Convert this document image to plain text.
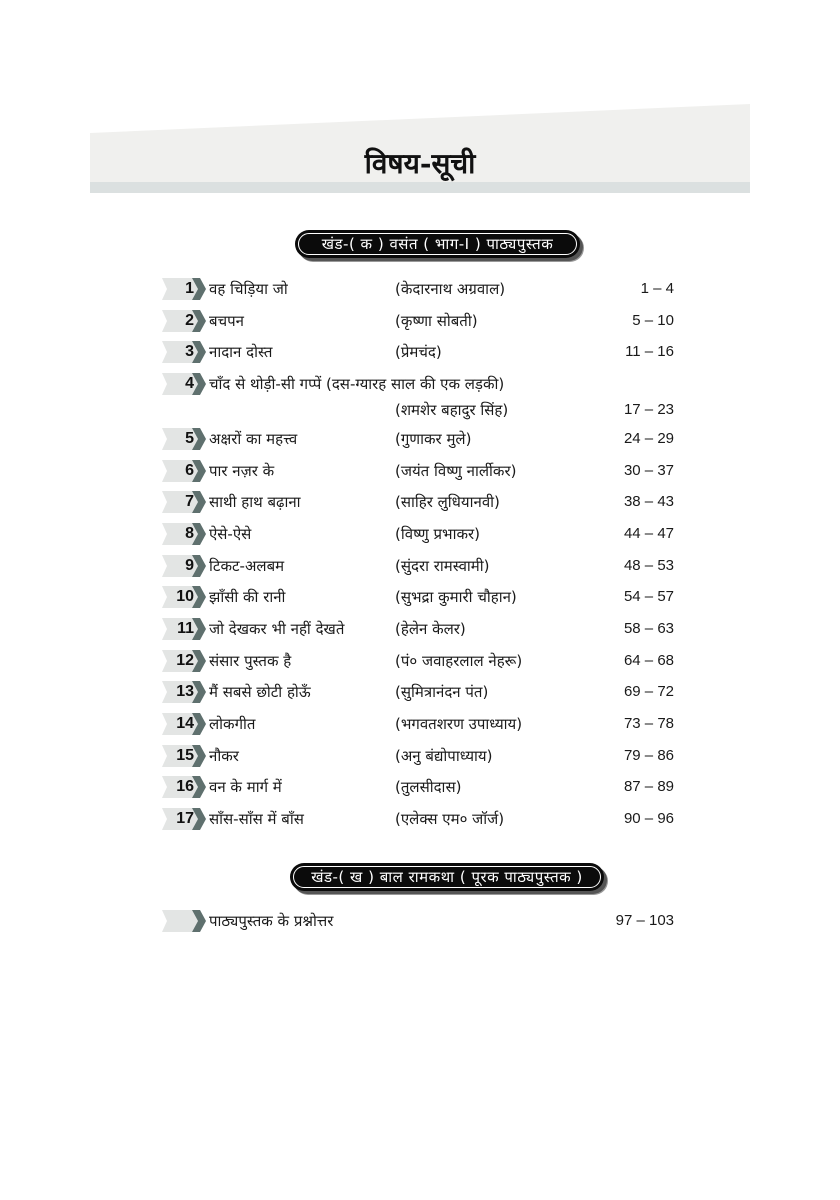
विषय-सूची
खंड-( क ) वसंत ( भाग-I ) पाठ्यपुस्तक
खंड-( ख ) बाल रामकथा ( पूरक पाठ्यपुस्तक )
1 वह चिड़िया जो	(केदारनाथ अग्रवाल)	1 – 4
2 बचपन	(कृष्णा सोबती)	5 – 10
3 नादान दोस्त	(प्रेमचंद)	11 – 16
4 चाँद से थोड़ी-सी गप्पें (दस-ग्यारह साल की एक लड़की)
(शमशेर बहादुर सिंह)	17 – 23
5 अक्षरों का महत्त्व	(गुणाकर मुले)	24 – 29
6 पार नज़र के	(जयंत विष्णु नार्लीकर)	30 – 37
7 साथी हाथ बढ़ाना	(साहिर लुधियानवी)	38 – 43
8 ऐसे-ऐसे	(विष्णु प्रभाकर)	44 – 47
9 टिकट-अलबम	(सुंदरा रामस्वामी)	48 – 53
10 झाँसी की रानी	(सुभद्रा कुमारी चौहान)	54 – 57
11 जो देखकर भी नहीं देखते	(हेलेन केलर)	58 – 63
12 संसार पुस्तक है	(पं० जवाहरलाल नेहरू)	64 – 68
13 मैं सबसे छोटी होऊँ	(सुमित्रानंदन पंत)	69 – 72
14 लोकगीत	(भगवतशरण उपाध्याय)	73 – 78
15 नौकर	(अनु बंद्योपाध्याय)	79 – 86
16 वन के मार्ग में	(तुलसीदास)	87 – 89
17 साँस-साँस में बाँस	(एलेक्स एम० जॉर्ज)	90 – 96
पाठ्यपुस्तक के प्रश्नोत्तर	97 – 103
